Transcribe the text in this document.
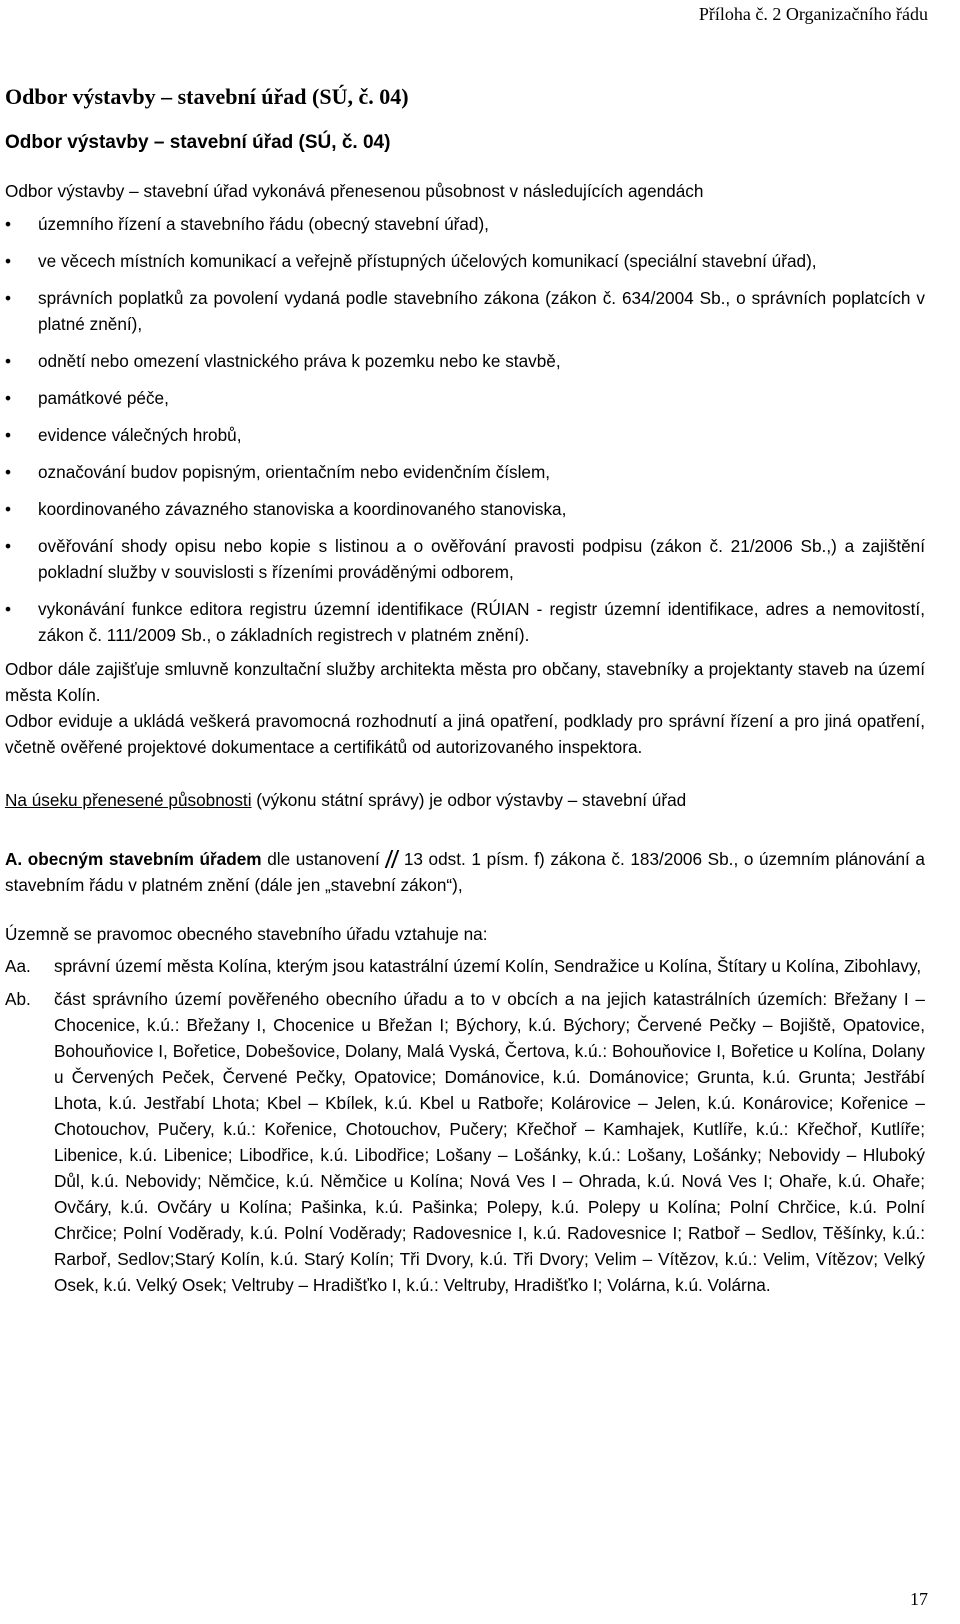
Příloha č. 2 Organizačního řádu
Odbor výstavby – stavební úřad (SÚ, č. 04)
Odbor výstavby – stavební úřad (SÚ, č. 04)

Odbor výstavby – stavební úřad vykonává přenesenou působnost v následujících agendách

• územního řízení a stavebního řádu (obecný stavební úřad),
• ve věcech místních komunikací a veřejně přístupných účelových komunikací (speciální stavební úřad),
• správních poplatků za povolení vydaná podle stavebního zákona (zákon č. 634/2004 Sb., o správních poplatcích v platné znění),
• odnětí nebo omezení vlastnického práva k pozemku nebo ke stavbě,
• památkové péče,
• evidence válečných hrobů,
• označování budov popisným, orientačním nebo evidenčním číslem,
• koordinovaného závazného stanoviska a koordinovaného stanoviska,
• ověřování shody opisu nebo kopie s listinou a o ověřování pravosti podpisu (zákon č. 21/2006 Sb.,) a zajištění pokladní služby v souvislosti s řízeními prováděnými odborem,
• vykonávání funkce editora registru územní identifikace (RÚIAN - registr územní identifikace, adres a nemovitostí, zákon č. 111/2009 Sb., o základních registrech v platném znění).

Odbor dále zajišťuje smluvně konzultační služby architekta města pro občany, stavebníky a projektanty staveb na území města Kolín.

Odbor eviduje a ukládá veškerá pravomocná rozhodnutí a jiná opatření, podklady pro správní řízení a pro jiná opatření, včetně ověřené projektové dokumentace a certifikátů od autorizovaného inspektora.

Na úseku přenesené působnosti (výkonu státní správy) je odbor výstavby – stavební úřad

A. obecným stavebním úřadem dle ustanovení 13 odst. 1 písm. f) zákona č. 183/2006 Sb., o územním plánování a stavebním řádu v platném znění (dále jen „stavební zákon“),

Územně se pravomoc obecného stavebního úřadu vztahuje na:

Aa.	správní území města Kolína, kterým jsou katastrální území Kolín, Sendražice u Kolína, Štítary u Kolína, Zibohlavy,
Ab.	část správního území pověřeného obecního úřadu a to v obcích a na jejich katastrálních územích: Břežany I – Chocenice, k.ú.: Břežany I, Chocenice u Břežan I; Býchory, k.ú. Býchory; Červené Pečky – Bojiště, Opatovice, Bohouňovice I, Bořetice, Dobešovice, Dolany, Malá Vyská, Čertova, k.ú.: Bohouňovice I, Bořetice u Kolína, Dolany u Červených Peček, Červené Pečky, Opatovice; Dománovice, k.ú. Dománovice; Grunta, k.ú. Grunta; Jestřábí Lhota, k.ú. Jestřabí Lhota; Kbel – Kbílek, k.ú. Kbel u Ratboře; Kolárovice – Jelen, k.ú. Konárovice; Kořenice – Chotouchov, Pučery, k.ú.: Kořenice, Chotouchov, Pučery; Křečhoř – Kamhajek, Kutlíře, k.ú.: Křečhoř, Kutlíře; Libenice, k.ú. Libenice; Libodřice, k.ú. Libodřice; Lošany – Lošánky, k.ú.: Lošany, Lošánky; Nebovidy – Hluboký Důl, k.ú. Nebovidy; Němčice, k.ú. Němčice u Kolína; Nová Ves I – Ohrada, k.ú. Nová Ves I; Ohaře, k.ú. Ohaře; Ovčáry, k.ú. Ovčáry u Kolína; Pašinka, k.ú. Pašinka; Polepy, k.ú. Polepy u Kolína; Polní Chrčice, k.ú. Polní Chrčice; Polní Voděrady, k.ú. Polní Voděrady; Radovesnice I, k.ú. Radovesnice I; Ratboř – Sedlov, Těšínky, k.ú.: Rarboř, Sedlov;Starý Kolín, k.ú. Starý Kolín; Tři Dvory, k.ú. Tři Dvory; Velim – Vítězov, k.ú.: Velim, Vítězov; Velký Osek, k.ú. Velký Osek; Veltruby – Hradišťko I, k.ú.: Veltruby, Hradišťko I; Volárna, k.ú. Volárna.
17
